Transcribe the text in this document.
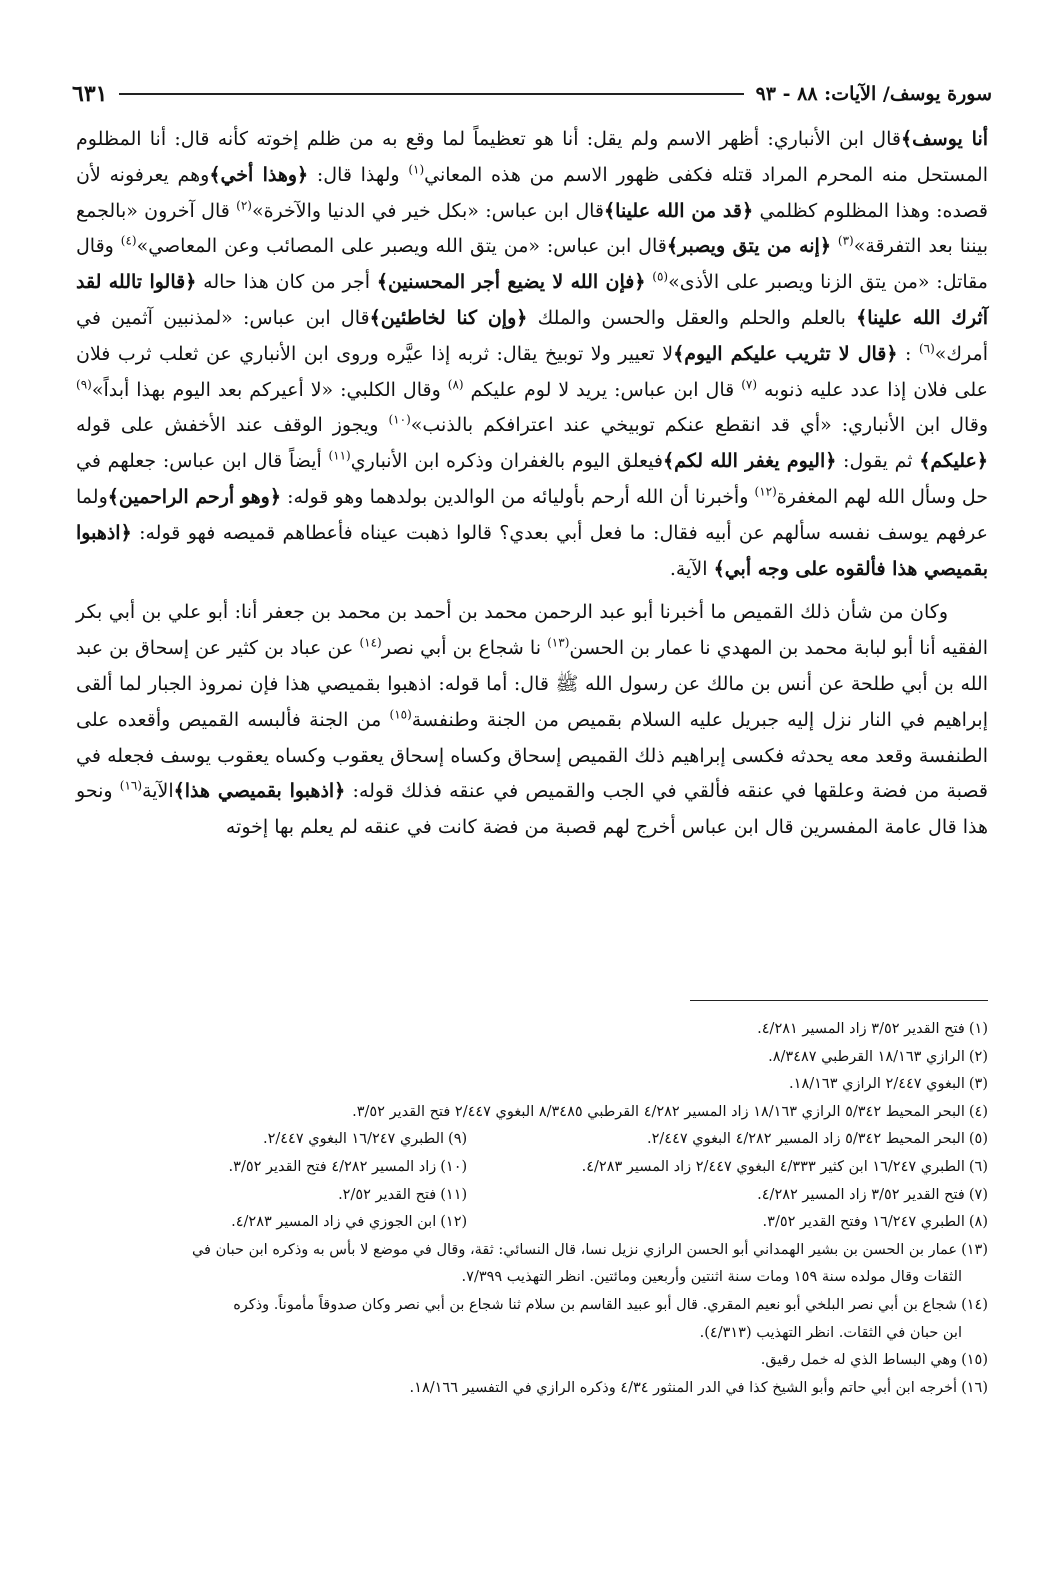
سورة يوسف/ الآيات: ٨٨ - ٩٣
٦٣١

أنا يوسف﴾قال ابن الأنباري: أظهر الاسم ولم يقل: أنا هو تعظيماً لما وقع به من ظلم إخوته كأنه قال: أنا المظلوم المستحل منه المحرم المراد قتله فكفى ظهور الاسم من هذه المعاني$^{(١)}$ ولهذا قال: ﴿وهذا أخي﴾وهم يعرفونه لأن قصده: وهذا المظلوم كظلمي ﴿قد من الله علينا﴾قال ابن عباس: «بكل خير في الدنيا والآخرة»$^{(٢)}$ قال آخرون «بالجمع بيننا بعد التفرقة»$^{(٣)}$ ﴿إنه من يتق ويصبر﴾قال ابن عباس: «من يتق الله ويصبر على المصائب وعن المعاصي»$^{(٤)}$ وقال مقاتل: «من يتق الزنا ويصبر على الأذى»$^{(٥)}$ ﴿فإن الله لا يضيع أجر المحسنين﴾ أجر من كان هذا حاله ﴿قالوا تالله لقد آثرك الله علينا﴾ بالعلم والحلم والعقل والحسن والملك ﴿وإن كنا لخاطئين﴾قال ابن عباس: «لمذنبين آثمين في أمرك»$^{(٦)}$ : ﴿قال لا تثريب عليكم اليوم﴾لا تعيير ولا توبيخ يقال: ثربه إذا عيَّره وروى ابن الأنباري عن ثعلب ثرب فلان على فلان إذا عدد عليه ذنوبه $^{(٧)}$ قال ابن عباس: يريد لا لوم عليكم $^{(٨)}$ وقال الكلبي: «لا أعيركم بعد اليوم بهذا أبداً»$^{(٩)}$ وقال ابن الأنباري: «أي قد انقطع عنكم توبيخي عند اعترافكم بالذنب»$^{(١٠)}$ ويجوز الوقف عند الأخفش على قوله ﴿عليكم﴾ ثم يقول: ﴿اليوم يغفر الله لكم﴾فيعلق اليوم بالغفران وذكره ابن الأنباري$^{(١١)}$ أيضاً قال ابن عباس: جعلهم في حل وسأل الله لهم المغفرة$^{(١٢)}$ وأخبرنا أن الله أرحم بأوليائه من الوالدين بولدهما وهو قوله: ﴿وهو أرحم الراحمين﴾ولما عرفهم يوسف نفسه سألهم عن أبيه فقال: ما فعل أبي بعدي؟ قالوا ذهبت عيناه فأعطاهم قميصه فهو قوله: ﴿اذهبوا بقميصي هذا فألقوه على وجه أبي﴾ الآية.

وكان من شأن ذلك القميص ما أخبرنا أبو عبد الرحمن محمد بن أحمد بن محمد بن جعفر أنا: أبو علي بن أبي بكر الفقيه أنا أبو لبابة محمد بن المهدي نا عمار بن الحسن$^{(١٣)}$ نا شجاع بن أبي نصر$^{(١٤)}$ عن عباد بن كثير عن إسحاق بن عبد الله بن أبي طلحة عن أنس بن مالك عن رسول الله ﷺ قال: أما قوله: اذهبوا بقميصي هذا فإن نمروذ الجبار لما ألقى إبراهيم في النار نزل إليه جبريل عليه السلام بقميص من الجنة وطنفسة$^{(١٥)}$ من الجنة فألبسه القميص وأقعده على الطنفسة وقعد معه يحدثه فكسى إبراهيم ذلك القميص إسحاق وكساه إسحاق يعقوب وكساه يعقوب يوسف فجعله في قصبة من فضة وعلقها في عنقه فألقي في الجب والقميص في عنقه فذلك قوله: ﴿اذهبوا بقميصي هذا﴾الآية$^{(١٦)}$ ونحو هذا قال عامة المفسرين قال ابن عباس أخرج لهم قصبة من فضة كانت في عنقه لم يعلم بها إخوته

(١)فتح القدير ٣/٥٢ زاد المسير ٤/٢٨١.
(٢)الرازي ١٨/١٦٣ القرطبي ٨/٣٤٨٧.
(٣)البغوي ٢/٤٤٧ الرازي ١٨/١٦٣.
(٤)البحر المحيط ٥/٣٤٢ الرازي ١٨/١٦٣ زاد المسير ٤/٢٨٢ القرطبي ٨/٣٤٨٥ البغوي ٢/٤٤٧ فتح القدير ٣/٥٢.
(٥)البحر المحيط ٥/٣٤٢ زاد المسير ٤/٢٨٢ البغوي ٢/٤٤٧.
(٩)الطبري ١٦/٢٤٧ البغوي ٢/٤٤٧.
(٦)الطبري ١٦/٢٤٧ ابن كثير ٤/٣٣٣ البغوي ٢/٤٤٧ زاد المسير ٤/٢٨٣.
(١٠)زاد المسير ٤/٢٨٢ فتح القدير ٣/٥٢.
(٧)فتح القدير ٣/٥٢ زاد المسير ٤/٢٨٢.
(١١)فتح القدير ٢/٥٢.
(٨)الطبري ١٦/٢٤٧ وفتح القدير ٣/٥٢.
(١٢)ابن الجوزي في زاد المسير ٤/٢٨٣.
(١٣)عمار بن الحسن بن بشير الهمداني أبو الحسن الرازي نزيل نسا، قال النسائي: ثقة، وقال في موضع لا بأس به وذكره ابن حبان في
الثقات وقال مولده سنة ١٥٩ ومات سنة اثنتين وأربعين ومائتين. انظر التهذيب ٧/٣٩٩.
(١٤)شجاع بن أبي نصر البلخي أبو نعيم المقري. قال أبو عبيد القاسم بن سلام ثنا شجاع بن أبي نصر وكان صدوقاً مأموناً. وذكره
ابن حبان في الثقات. انظر التهذيب (٤/٣١٣).
(١٥)وهي البساط الذي له خمل رقيق.
(١٦)أخرجه ابن أبي حاتم وأبو الشيخ كذا في الدر المنثور ٤/٣٤ وذكره الرازي في التفسير ١٨/١٦٦.
